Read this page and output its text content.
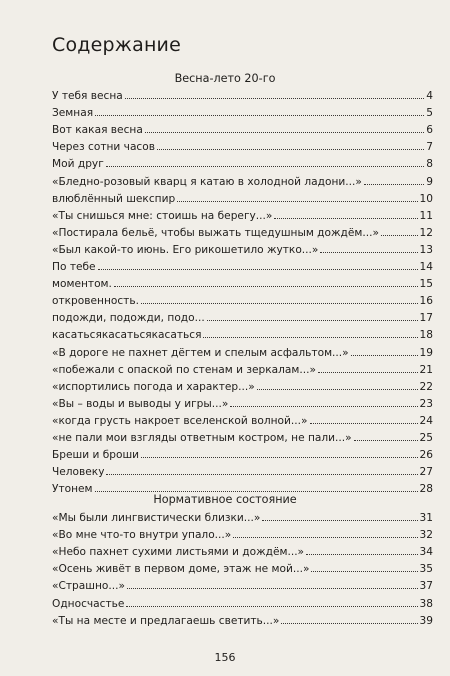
Содержание
Весна-лето 20-го
У тебя весна	4
Земная	5
Вот какая весна	6
Через сотни часов	7
Мой друг	8
«Бледно-розовый кварц я катаю в холодной ладони...»	9
влюблённый шекспир	10
«Ты снишься мне: стоишь на берегу...»	11
«Постирала бельё, чтобы выжать тщедушным дождём...»	12
«Был какой-то июнь. Его рикошетило жутко...»	13
По тебе	14
моментом.	15
откровенность.	16
подожди, подожди, подо...	17
касатьсякасатьсякасаться	18
«В дороге не пахнет дёгтем и спелым асфальтом...»	19
«побежали с опаской по стенам и зеркалам...»	21
«испортились погода и характер...»	22
«Вы – воды и выводы у игры...»	23
«когда грусть накроет вселенской волной...»	24
«не пали мои взгляды ответным костром, не пали...»	25
Бреши и броши	26
Человеку	27
Утонем	28
Нормативное состояние
«Мы были лингвистически близки...»	31
«Во мне что-то внутри упало...»	32
«Небо пахнет сухими листьями и дождём...»	34
«Осень живёт в первом доме, этаж не мой...»	35
«Страшно...»	37
Односчастье	38
«Ты на месте и предлагаешь светить...»	39
156
